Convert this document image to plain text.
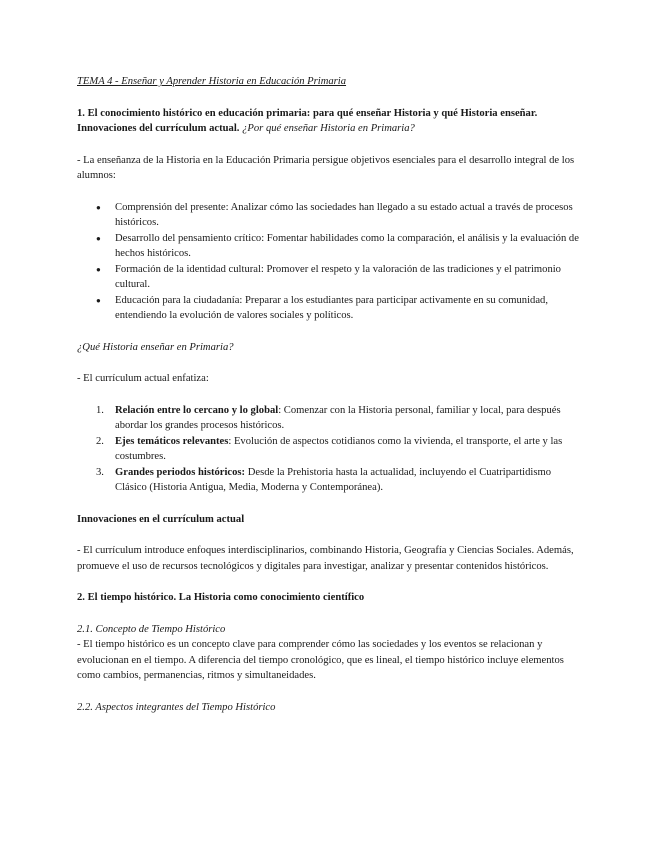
TEMA 4 - Enseñar y Aprender Historia en Educación Primaria

1. El conocimiento histórico en educación primaria: para qué enseñar Historia y qué Historia enseñar. Innovaciones del currículum actual. ¿Por qué enseñar Historia en Primaria?

- La enseñanza de la Historia en la Educación Primaria persigue objetivos esenciales para el desarrollo integral de los alumnos:

● Comprensión del presente: Analizar cómo las sociedades han llegado a su estado actual a través de procesos históricos.
● Desarrollo del pensamiento crítico: Fomentar habilidades como la comparación, el análisis y la evaluación de hechos históricos.
● Formación de la identidad cultural: Promover el respeto y la valoración de las tradiciones y el patrimonio cultural.
● Educación para la ciudadanía: Preparar a los estudiantes para participar activamente en su comunidad, entendiendo la evolución de valores sociales y políticos.

¿Qué Historia enseñar en Primaria?

- El currículum actual enfatiza:

1. Relación entre lo cercano y lo global: Comenzar con la Historia personal, familiar y local, para después abordar los grandes procesos históricos.
2. Ejes temáticos relevantes: Evolución de aspectos cotidianos como la vivienda, el transporte, el arte y las costumbres.
3. Grandes periodos históricos: Desde la Prehistoria hasta la actualidad, incluyendo el Cuatripartidismo Clásico (Historia Antigua, Media, Moderna y Contemporánea).

Innovaciones en el currículum actual

- El currículum introduce enfoques interdisciplinarios, combinando Historia, Geografía y Ciencias Sociales. Además, promueve el uso de recursos tecnológicos y digitales para investigar, analizar y presentar contenidos históricos.

2. El tiempo histórico. La Historia como conocimiento científico

2.1. Concepto de Tiempo Histórico

- El tiempo histórico es un concepto clave para comprender cómo las sociedades y los eventos se relacionan y evolucionan en el tiempo. A diferencia del tiempo cronológico, que es lineal, el tiempo histórico incluye elementos como cambios, permanencias, ritmos y simultaneidades.

2.2. Aspectos integrantes del Tiempo Histórico
